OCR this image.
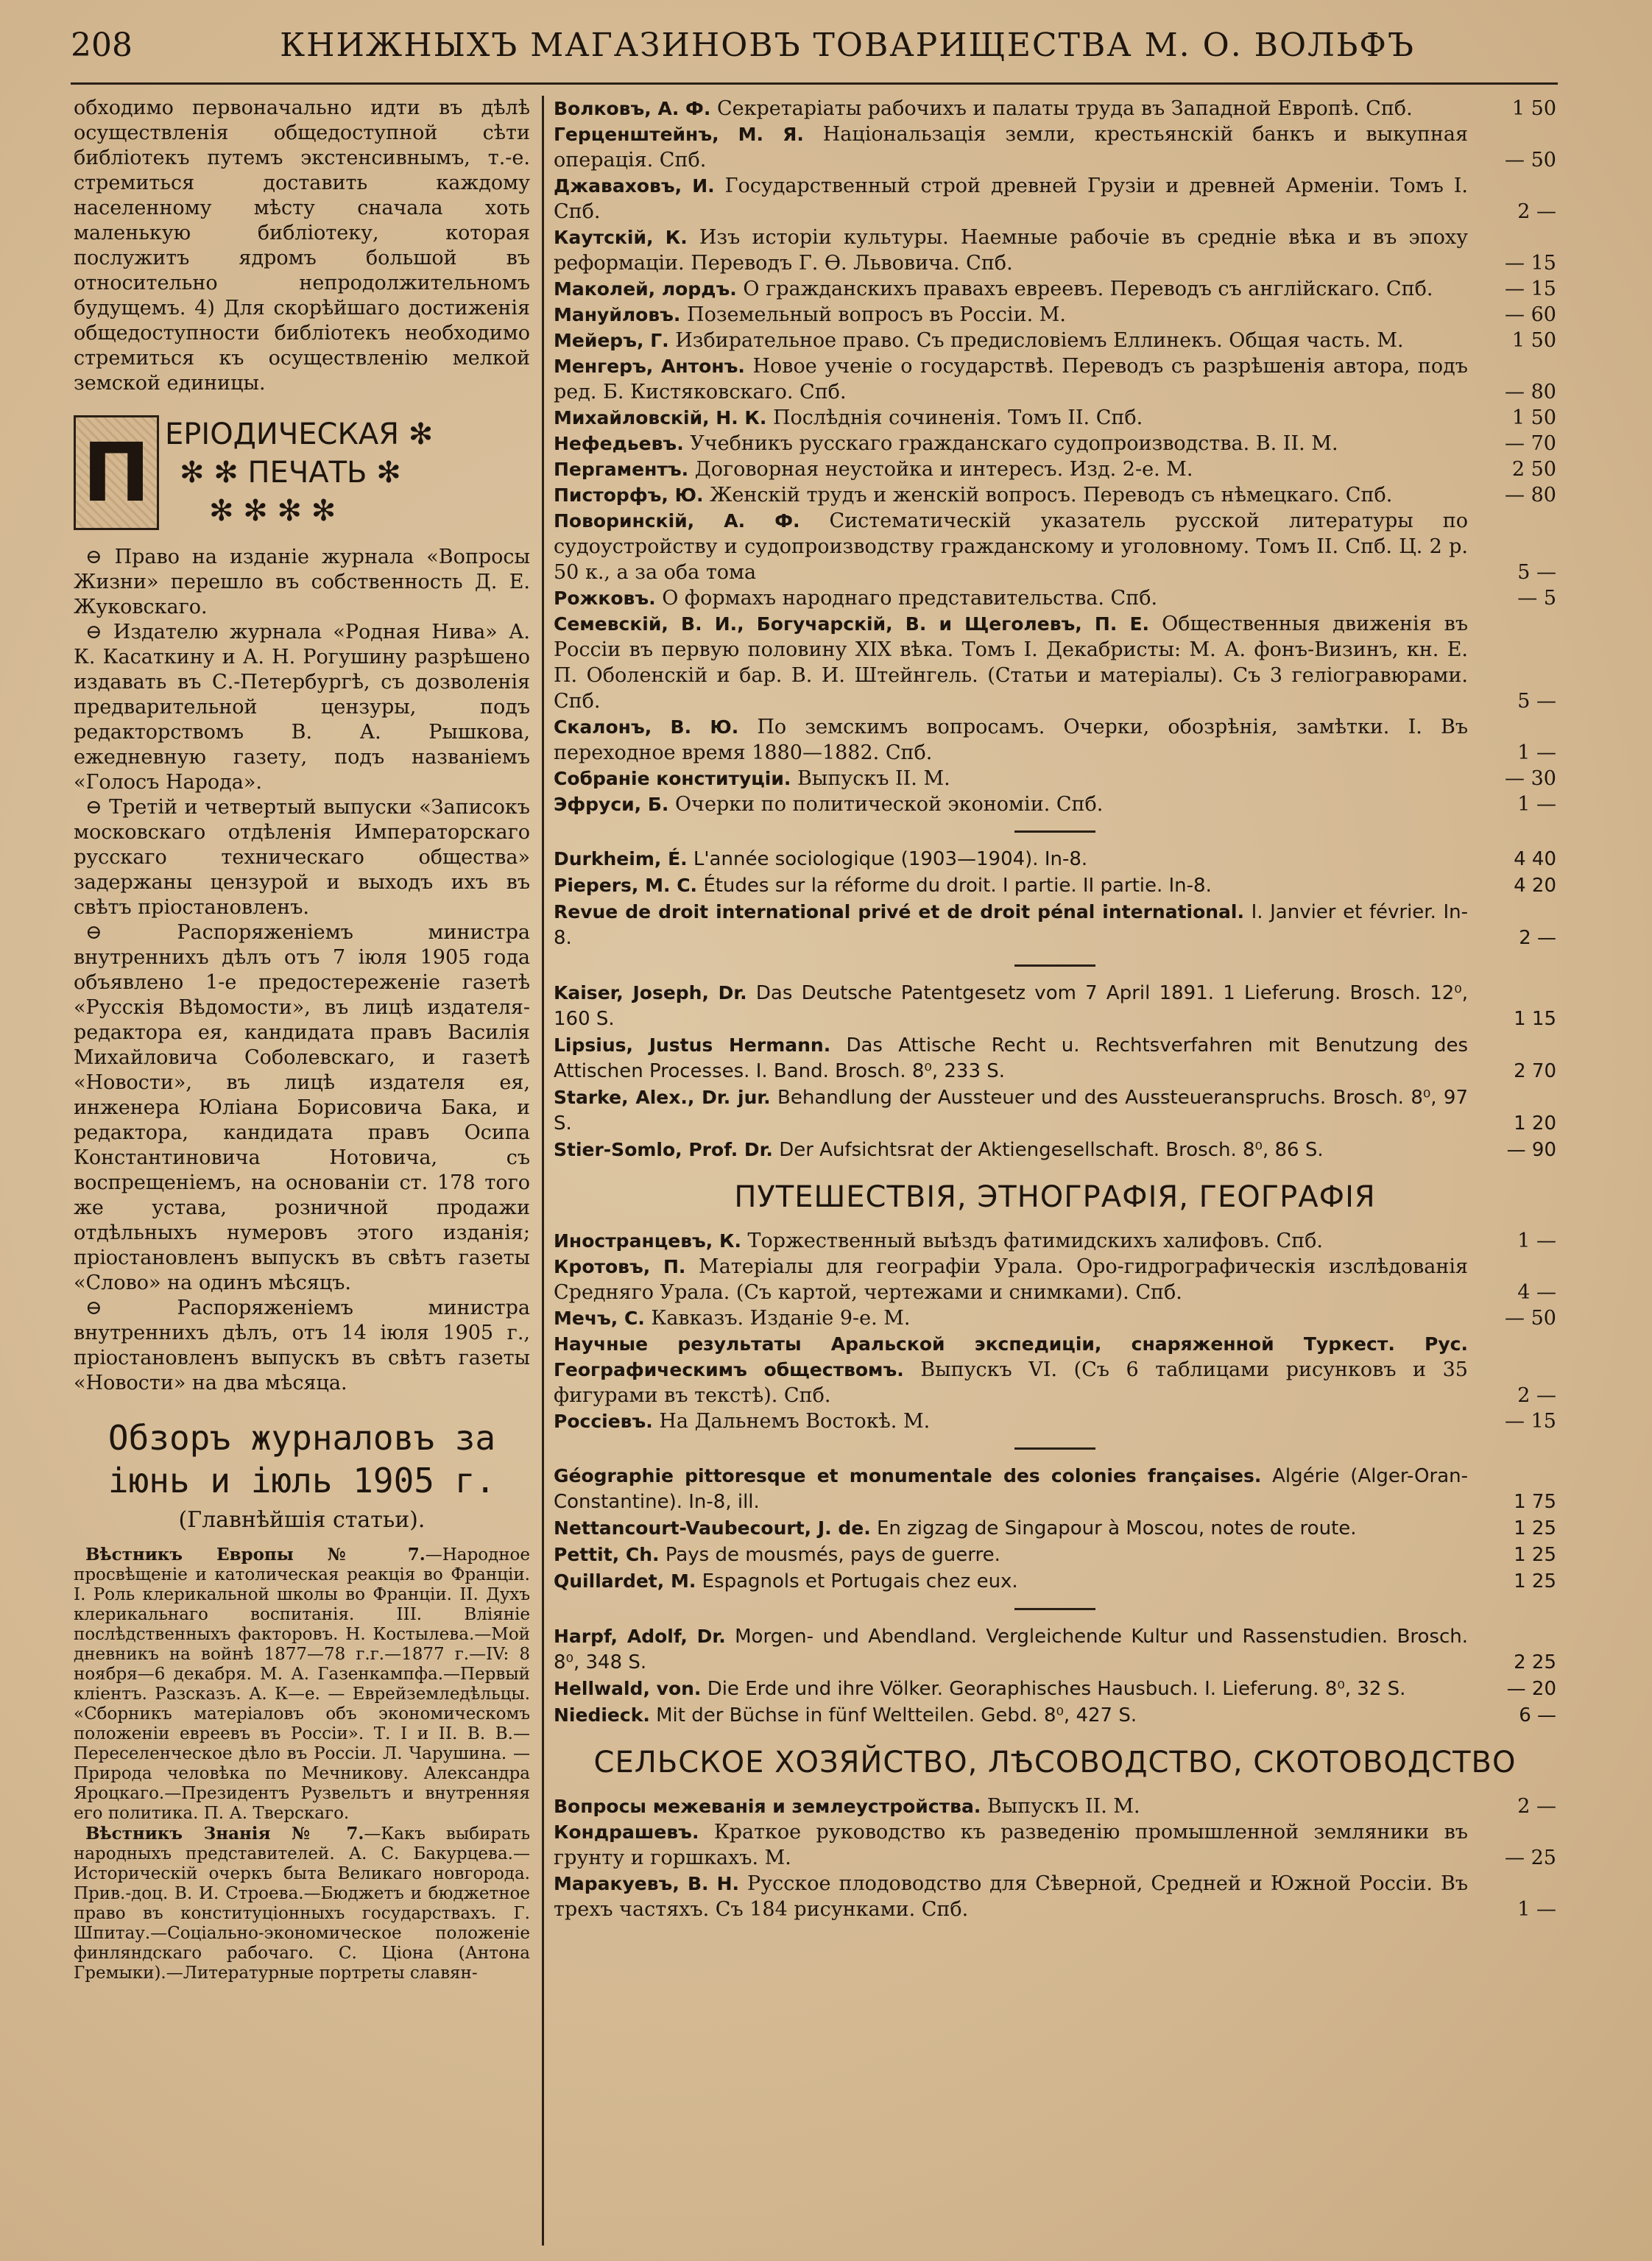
208	КНИЖНЫХЪ МАГАЗИНОВЪ ТОВАРИЩЕСТВА М. О. ВОЛЬФЪ

обходимо первоначально идти въ дѣлѣ осуществленія общедоступной сѣти библіотекъ путемъ экстенсивнымъ, т.-е. стремиться доставить каждому населенному мѣсту сначала хоть маленькую библіотеку, которая послужитъ ядромъ большой въ относительно непродолжительномъ будущемъ. 4) Для скорѣйшаго достиженія общедоступности библіотекъ необходимо стремиться къ осуществленію мелкой земской единицы.

П ЕРІОДИЧЕСКАЯ ✻
✻ ✻ ПЕЧАТЬ ✻
✻ ✻ ✻ ✻

⊖ Право на изданіе журнала «Вопросы Жизни» перешло въ собственность Д. Е. Жуковскаго.

⊖ Издателю журнала «Родная Нива» А. К. Касаткину и А. Н. Рогушину разрѣшено издавать въ С.-Петербургѣ, съ дозволенія предварительной цензуры, подъ редакторствомъ В. А. Рышкова, ежедневную газету, подъ названіемъ «Голосъ Народа».

⊖ Третій и четвертый выпуски «Записокъ московскаго отдѣленія Императорскаго русскаго техническаго общества» задержаны цензурой и выходъ ихъ въ свѣтъ пріостановленъ.

⊖ Распоряженіемъ министра внутреннихъ дѣлъ отъ 7 іюля 1905 года объявлено 1-е предостереженіе газетѣ «Русскія Вѣдомости», въ лицѣ издателя-редактора ея, кандидата правъ Василія Михайловича Соболевскаго, и газетѣ «Новости», въ лицѣ издателя ея, инженера Юліана Борисовича Бака, и редактора, кандидата правъ Осипа Константиновича Нотовича, съ воспрещеніемъ, на основаніи ст. 178 того же устава, розничной продажи отдѣльныхъ нумеровъ этого изданія; пріостановленъ выпускъ въ свѣтъ газеты «Слово» на одинъ мѣсяцъ.

⊖ Распоряженіемъ министра внутреннихъ дѣлъ, отъ 14 іюля 1905 г., пріостановленъ выпускъ въ свѣтъ газеты «Новости» на два мѣсяца.

Обзоръ журналовъ за іюнь и іюль 1905 г.
(Главнѣйшія статьи).

Вѣстникъ Европы № 7.—Народное просвѣщеніе и католическая реакція во Франціи. I. Роль клерикальной школы во Франціи. II. Духъ клерикальнаго воспитанія. III. Вліяніе послѣдственныхъ факторовъ. Н. Костылева.—Мой дневникъ на войнѣ 1877—78 г.г.—1877 г.—IV: 8 ноября—6 декабря. М. А. Газенкампфа.—Первый кліентъ. Разсказъ. А. К—е. — Еврейземледѣльцы. «Сборникъ матеріаловъ объ экономическомъ положеніи евреевъ въ Россіи». Т. I и II. В. В.—Переселенческое дѣло въ Россіи. Л. Чарушина. — Природа человѣка по Мечникову. Александра Яроцкаго.—Президентъ Рузвельтъ и внутренняя его политика. П. А. Тверскаго.

Вѣстникъ Знанія № 7.—Какъ выбирать народныхъ представителей. А. С. Бакурцева.—Историческій очеркъ быта Великаго новгорода. Прив.-доц. В. И. Строева.—Бюджетъ и бюджетное право въ конституціонныхъ государствахъ. Г. Шпитау.—Соціально-экономическое положеніе финляндскаго рабочаго. С. Ціона (Антона Гремыки).—Литературные портреты славян-

Волковъ, А. Ф. Секретаріаты рабочихъ и палаты труда въ Западной Европѣ. Спб.	1 50
Герценштейнъ, М. Я. Національзація земли, крестьянскій банкъ и выкупная операція. Спб.	— 50
Джаваховъ, И. Государственный строй древней Грузіи и древней Арменіи. Томъ I. Спб.	2 —
Каутскій, К. Изъ исторіи культуры. Наемные рабочіе въ средніе вѣка и въ эпоху реформаціи. Переводъ Г. Ѳ. Львовича. Спб.	— 15
Маколей, лордъ. О гражданскихъ правахъ евреевъ. Переводъ съ англійскаго. Спб.	— 15
Мануйловъ. Поземельный вопросъ въ Россіи. М.	— 60
Мейеръ, Г. Избирательное право. Съ предисловіемъ Еллинекъ. Общая часть. М.	1 50
Менгеръ, Антонъ. Новое ученіе о государствѣ. Переводъ съ разрѣшенія автора, подъ ред. Б. Кистяковскаго. Спб.	— 80
Михайловскій, Н. К. Послѣднія сочиненія. Томъ II. Спб.	1 50
Нефедьевъ. Учебникъ русскаго гражданскаго судопроизводства. В. II. М.	— 70
Пергаментъ. Договорная неустойка и интересъ. Изд. 2-е. М.	2 50
Писторфъ, Ю. Женскій трудъ и женскій вопросъ. Переводъ съ нѣмецкаго. Спб.	— 80
Поворинскій, А. Ф. Систематическій указатель русской литературы по судоустройству и судопроизводству гражданскому и уголовному. Томъ II. Спб. Ц. 2 р. 50 к., а за оба тома	5 —
Рожковъ. О формахъ народнаго представительства. Спб.	— 5
Семевскій, В. И., Богучарскій, В. и Щеголевъ, П. Е. Общественныя движенія въ Россіи въ первую половину XIX вѣка. Томъ I. Декабристы: М. А. фонъ-Визинъ, кн. Е. П. Оболенскій и бар. В. И. Штейнгель. (Статьи и матеріалы). Съ 3 геліогравюрами. Спб.	5 —
Скалонъ, В. Ю. По земскимъ вопросамъ. Очерки, обозрѣнія, замѣтки. I. Въ переходное время 1880—1882. Спб.	1 —
Собраніе конституціи. Выпускъ II. М.	— 30
Эфруси, Б. Очерки по политической экономіи. Спб.	1 —
Durkheim, É. L'année sociologique (1903—1904). In-8.	4 40
Piepers, M. C. Études sur la réforme du droit. I partie. II partie. In-8.	4 20
Revue de droit international privé et de droit pénal international. I. Janvier et février. In-8.	2 —
Kaiser, Joseph, Dr. Das Deutsche Patentgesetz vom 7 April 1891. 1 Lieferung. Brosch. 12⁰, 160 S.	1 15
Lipsius, Justus Hermann. Das Attische Recht u. Rechtsverfahren mit Benutzung des Attischen Processes. I. Band. Brosch. 8⁰, 233 S.	2 70
Starke, Alex., Dr. jur. Behandlung der Aussteuer und des Aussteueranspruchs. Brosch. 8⁰, 97 S.	1 20
Stier-Somlo, Prof. Dr. Der Aufsichtsrat der Aktiengesellschaft. Brosch. 8⁰, 86 S.	— 90
ПУТЕШЕСТВІЯ, ЭТНОГРАФІЯ, ГЕОГРАФІЯ
Иностранцевъ, К. Торжественный выѣздъ фатимидскихъ халифовъ. Спб.	1 —
Кротовъ, П. Матеріалы для географіи Урала. Оро-гидрографическія изслѣдованія Средняго Урала. (Съ картой, чертежами и снимками). Спб.	4 —
Мечъ, С. Кавказъ. Изданіе 9-е. М.	— 50
Научные результаты Аральской экспедиціи, снаряженной Туркест. Рус. Географическимъ обществомъ. Выпускъ VI. (Съ 6 таблицами рисунковъ и 35 фигурами въ текстѣ). Спб.	2 —
Россіевъ. На Дальнемъ Востокѣ. М.	— 15
Géographie pittoresque et monumentale des colonies françaises. Algérie (Alger-Oran-Constantine). In-8, ill.	1 75
Nettancourt-Vaubecourt, J. de. En zigzag de Singapour à Moscou, notes de route.	1 25
Pettit, Ch. Pays de mousmés, pays de guerre.	1 25
Quillardet, M. Espagnols et Portugais chez eux.	1 25
Harpf, Adolf, Dr. Morgen- und Abendland. Vergleichende Kultur und Rassenstudien. Brosch. 8⁰, 348 S.	2 25
Hellwald, von. Die Erde und ihre Völker. Georaphisches Hausbuch. I. Lieferung. 8⁰, 32 S.	— 20
Niedieck. Mit der Büchse in fünf Weltteilen. Gebd. 8⁰, 427 S.	6 —
СЕЛЬСКОЕ ХОЗЯЙСТВО, ЛѢСОВОДСТВО, СКОТОВОДСТВО
Вопросы межеванія и землеустройства. Выпускъ II. М.	2 —
Кондрашевъ. Краткое руководство къ разведенію промышленной земляники въ грунту и горшкахъ. М.	— 25
Маракуевъ, В. Н. Русское плодоводство для Сѣверной, Средней и Южной Россіи. Въ трехъ частяхъ. Съ 184 рисунками. Спб.	1 —
